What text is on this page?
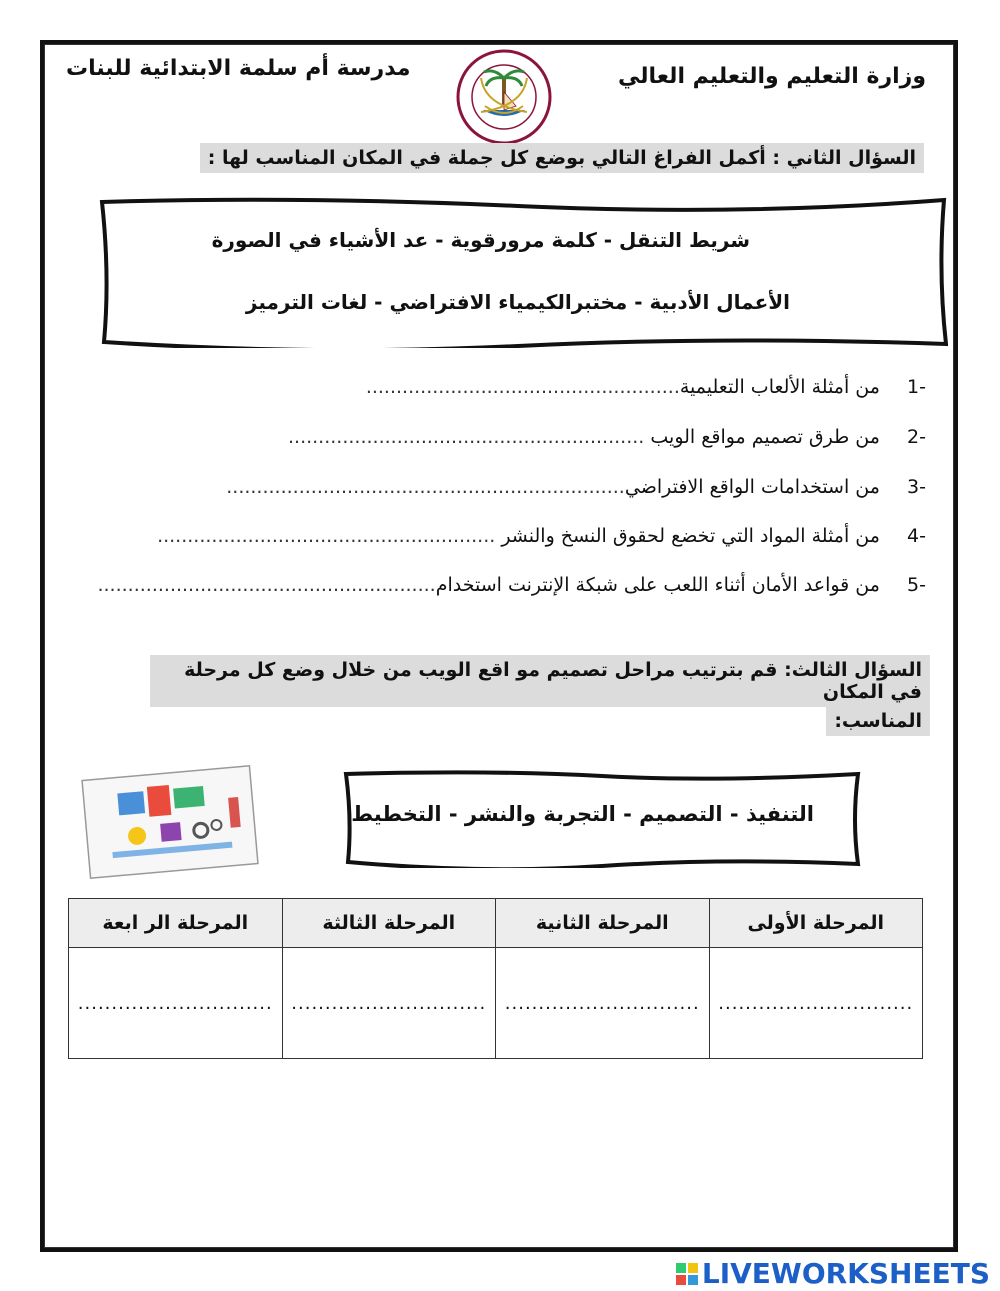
وزارة التعليم والتعليم العالي
مدرسة أم سلمة الابتدائية للبنات
السؤال الثاني : أكمل الفراغ التالي بوضع كل جملة في المكان المناسب لها :
شريط التنقل - كلمة مرورقوية - عد الأشياء في الصورة
الأعمال الأدبية - مختبرالكيمياء الافتراضي - لغات الترميز
-1 من أمثلة الألعاب التعليمية....................................................
-2 من طرق تصميم مواقع الويب ...........................................................
-3 من استخدامات الواقع الافتراضي..................................................................
-4 من أمثلة المواد التي تخضع لحقوق النسخ والنشر ........................................................
-5 من قواعد الأمان أثناء اللعب على شبكة الإنترنت استخدام........................................................
السؤال الثالث: قم بترتيب مراحل تصميم مو اقع الويب من خلال وضع كل مرحلة في المكان
المناسب:
التنفيذ - التصميم - التجربة والنشر - التخطيط
المرحلة الأولى	المرحلة الثانية	المرحلة الثالثة	المرحلة الر ابعة
.............................	.............................	.............................	.............................
LIVEWORKSHEETS
